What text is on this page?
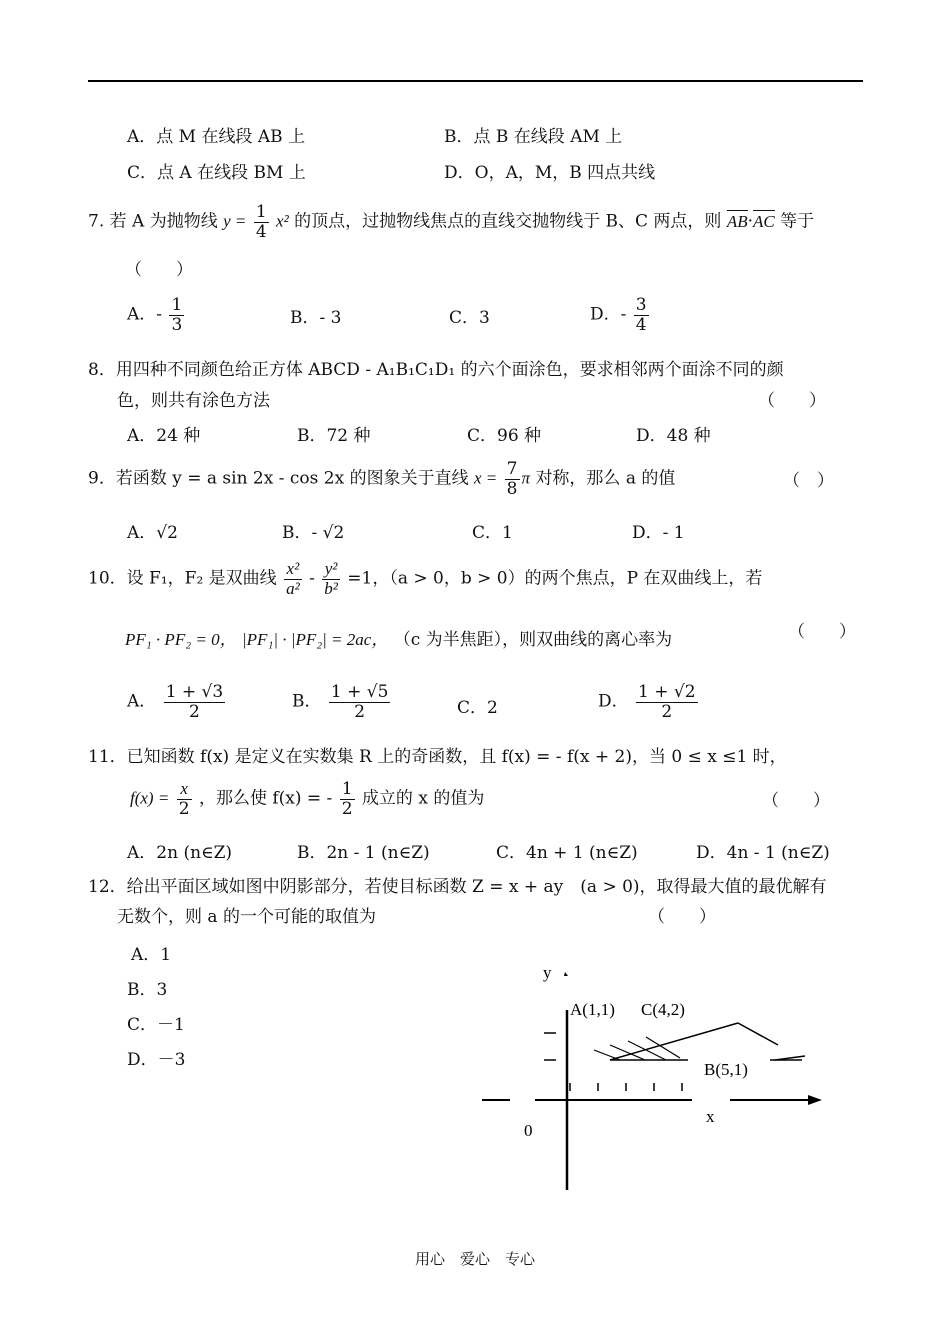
A．点 M 在线段 AB 上	B．点 B 在线段 AM 上
C．点 A 在线段 BM 上	D．O，A，M，B 四点共线
7. 若 A 为抛物线 $y = \frac{1}{4} x^2$ 的顶点，过抛物线焦点的直线交抛物线于 B、C 两点，则 AB·AC 等于
（　　）
A．- $\frac{1}{3}$	B．- 3	C．3	D．- $\frac{3}{4}$
8．用四种不同颜色给正方体 ABCD - A₁B₁C₁D₁ 的六个面涂色，要求相邻两个面涂不同的颜
色，则共有涂色方法	（　　）
A．24 种	B．72 种	C．96 种	D．48 种
9．若函数 y = a sin 2x - cos 2x 的图象关于直线 $x = \frac{7}{8}$ π 对称，那么 a 的值	（　）
A．√2	B．- √2	C．1	D．- 1
10．设 F₁，F₂ 是双曲线 $\frac{\text{x²}}{\text{a²}} - \frac{\text{y²}}{\text{b²}} =1$，（a > 0，b > 0）的两个焦点，P 在双曲线上，若
PF₁ · PF₂ = 0， |PF₁| · |PF₂| = 2ac， （c 为半焦距），则双曲线的离心率为	（　　）
A． $\frac{1 + √3}{2}$	B． $\frac{1 + √5}{2}$	C．2	D． $\frac{1 + √2}{2}$
11．已知函数 f(x) 是定义在实数集 R 上的奇函数，且 f(x) = - f(x + 2)，当 0 ≤ x ≤1 时，
$f(x) = \frac{x}{2}$ ，那么使 f(x) = - $\frac{1}{2}$ 成立的 x 的值为	（　　）
A．2n (n∈Z)	B．2n - 1 (n∈Z)	C．4n + 1 (n∈Z)	D．4n - 1 (n∈Z)
12．给出平面区域如图中阴影部分，若使目标函数 Z = x + ay　(a > 0)，取得最大值的最优解有
无数个，则 a 的一个可能的取值为	（　　）
A．1
B．3
C．－1
D．－3
y
x
0
A(1,1) C(4,2)
B(5,1)
用心　爱心　专心
